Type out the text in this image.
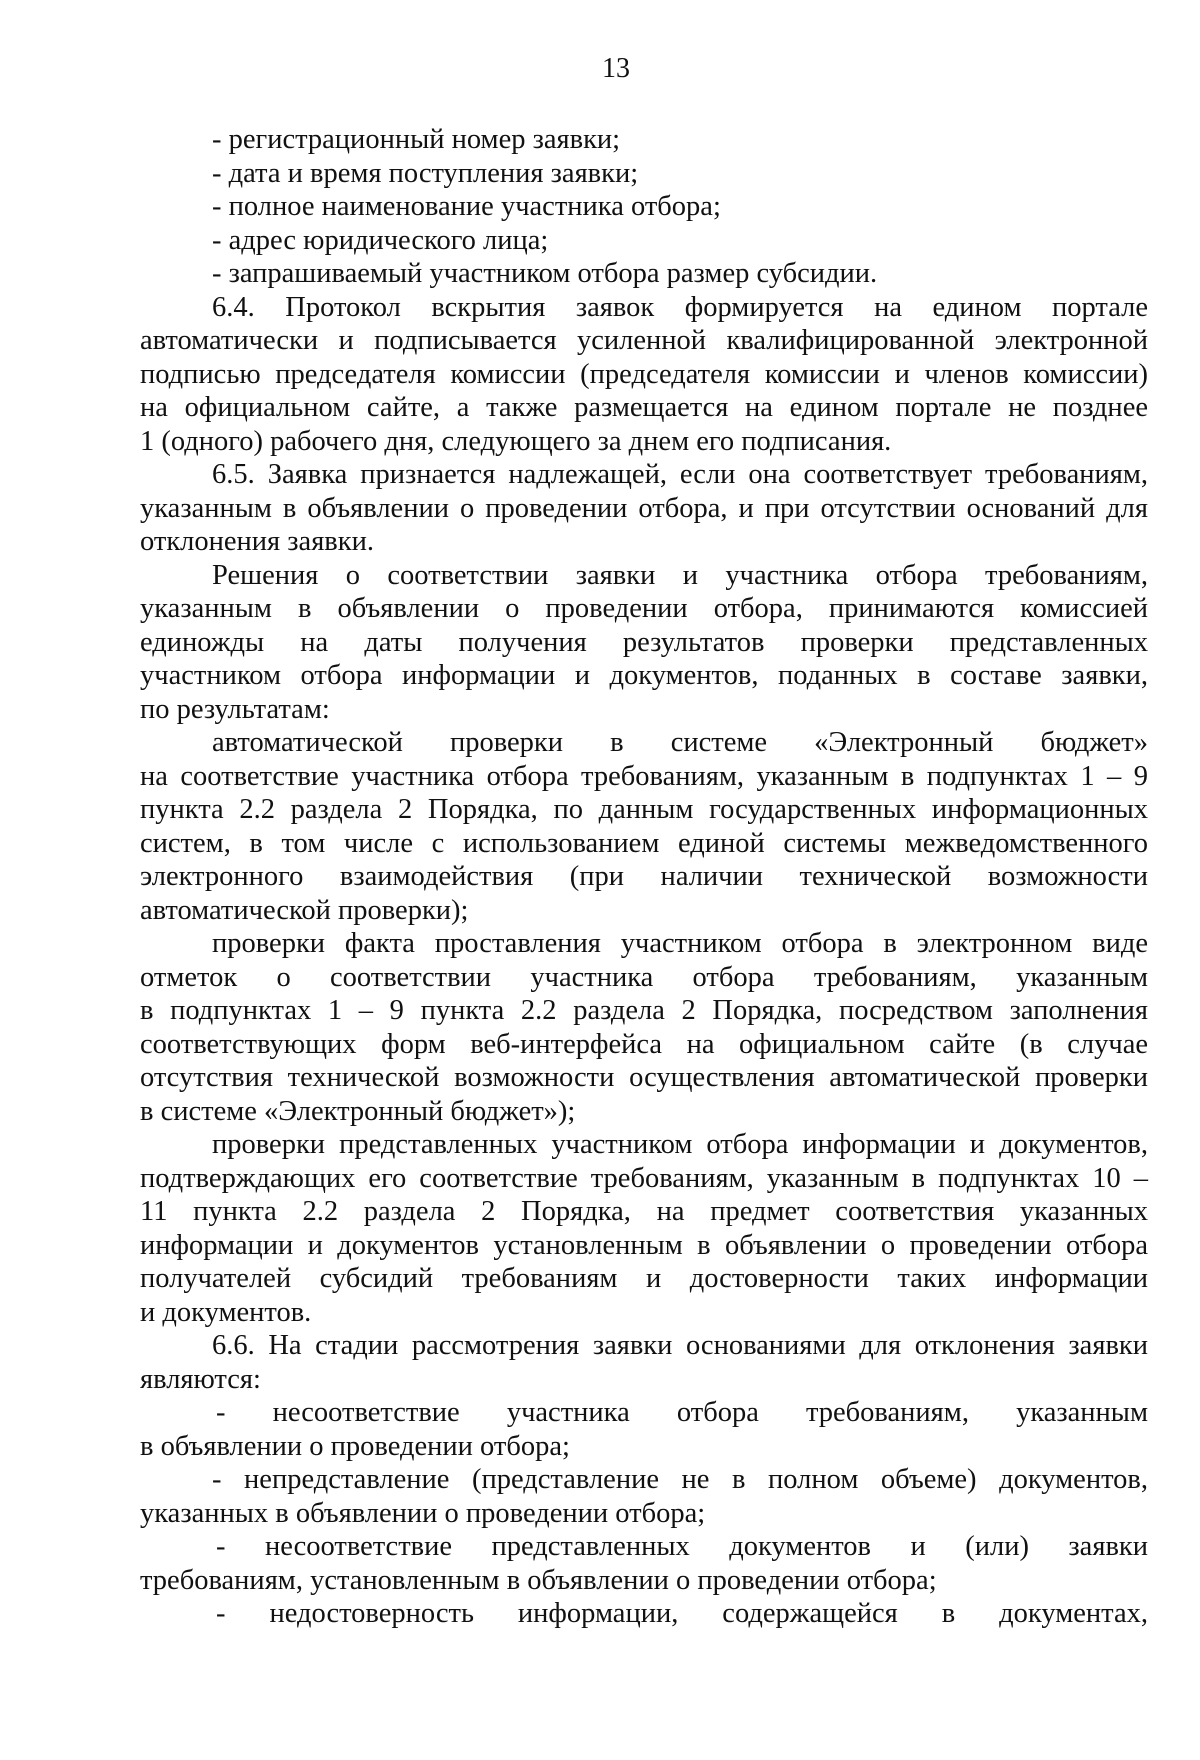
13
- регистрационный номер заявки;
- дата и время поступления заявки;
- полное наименование участника отбора;
- адрес юридического лица;
- запрашиваемый участником отбора размер субсидии.
6.4. Протокол вскрытия заявок формируется на едином портале
автоматически и подписывается усиленной квалифицированной электронной
подписью председателя комиссии (председателя комиссии и членов комиссии)
на официальном сайте, а также размещается на едином портале не позднее
1 (одного) рабочего дня, следующего за днем его подписания.
6.5. Заявка признается надлежащей, если она соответствует требованиям,
указанным в объявлении о проведении отбора, и при отсутствии оснований для
отклонения заявки.
Решения о соответствии заявки и участника отбора требованиям,
указанным в объявлении о проведении отбора, принимаются комиссией
единожды на даты получения результатов проверки представленных
участником отбора информации и документов, поданных в составе заявки,
по результатам:
автоматической проверки в системе «Электронный бюджет»
на соответствие участника отбора требованиям, указанным в подпунктах 1 – 9
пункта 2.2 раздела 2 Порядка, по данным государственных информационных
систем, в том числе с использованием единой системы межведомственного
электронного взаимодействия (при наличии технической возможности
автоматической проверки);
проверки факта проставления участником отбора в электронном виде
отметок о соответствии участника отбора требованиям, указанным
в подпунктах 1 – 9 пункта 2.2 раздела 2 Порядка, посредством заполнения
соответствующих форм веб-интерфейса на официальном сайте (в случае
отсутствия технической возможности осуществления автоматической проверки
в системе «Электронный бюджет»);
проверки представленных участником отбора информации и документов,
подтверждающих его соответствие требованиям, указанным в подпунктах 10 –
11 пункта 2.2 раздела 2 Порядка, на предмет соответствия указанных
информации и документов установленным в объявлении о проведении отбора
получателей субсидий требованиям и достоверности таких информации
и документов.
6.6. На стадии рассмотрения заявки основаниями для отклонения заявки
являются:
- несоответствие участника отбора требованиям, указанным
в объявлении о проведении отбора;
- непредставление (представление не в полном объеме) документов,
указанных в объявлении о проведении отбора;
- несоответствие представленных документов и (или) заявки
требованиям, установленным в объявлении о проведении отбора;
- недостоверность информации, содержащейся в документах,
